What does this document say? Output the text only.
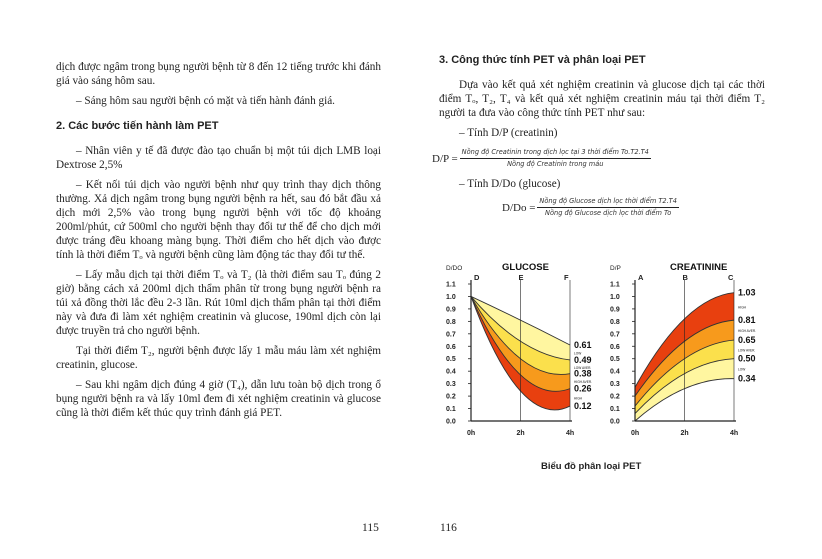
dịch được ngâm trong bụng người bệnh từ 8 đến 12 tiếng trước khi đánh giá vào sáng hôm sau.

– Sáng hôm sau người bệnh có mặt và tiến hành đánh giá.

2. Các bước tiến hành làm PET

– Nhân viên y tế đã được đào tạo chuẩn bị một túi dịch LMB loại Dextrose 2,5%

– Kết nối túi dịch vào người bệnh như quy trình thay dịch thông thường. Xả dịch ngâm trong bụng người bệnh ra hết, sau đó bắt đầu xả dịch mới 2,5% vào trong bụng người bệnh với tốc độ khoảng 200ml/phút, cứ 500ml cho người bệnh thay đổi tư thế để cho dịch mới được tráng đều khoang màng bụng. Thời điểm cho hết dịch vào được tính là thời điểm Tₒ và người bệnh cũng làm động tác thay đổi tư thế.

– Lấy mẫu dịch tại thời điểm Tₒ và T₂ (là thời điểm sau Tₒ đúng 2 giờ) bằng cách xả 200ml dịch thẩm phân từ trong bụng người bệnh ra túi xả đồng thời lắc đều 2-3 lần. Rút 10ml dịch thẩm phân tại thời điểm này và đưa đi làm xét nghiệm creatinin và glucose, 190ml dịch còn lại được truyền trả cho người bệnh.

Tại thời điểm T₂, người bệnh được lấy 1 mẫu máu làm xét nghiệm creatinin, glucose.

– Sau khi ngâm dịch đúng 4 giờ (T₄), dẫn lưu toàn bộ dịch trong ổ bụng người bệnh ra và lấy 10ml đem đi xét nghiệm creatinin và glucose cũng là thời điểm kết thúc quy trình đánh giá PET.

115

3. Công thức tính PET và phân loại PET

Dựa vào kết quả xét nghiệm creatinin và glucose dịch tại các thời điểm Tₒ, T₂, T₄ và kết quả xét nghiệm creatinin máu tại thời điểm T₂ người ta đưa vào công thức tính PET như sau:

– Tính D/P (creatinin)

$D/P = \frac{\text{Nồng độ Creatinin trong dịch lọc tại 3 thời điểm To.T2.T4}}{\text{Nồng độ Creatinin trong máu}}$

– Tính D/Do (glucose)

$D/Do = \frac{\text{Nồng độ Glucose dịch lọc thời điểm T2.T4}}{\text{Nồng độ Glucose dịch lọc thời điểm To}}$
D/DO	GLUCOSE
0.0
0.1
0.2
0.3
0.4
0.5
0.6
0.7
0.8
0.9
1.0
1.1
0h	2h	4h
D	E	F
0.61
0.49
0.38
0.26
0.12
LOW
LOW AVER.
HIGH AVER.
HIGH
D/P	CREATININE
0.0
0.1
0.2
0.3
0.4
0.5
0.6
0.7
0.8
0.9
1.0
1.1
0h	2h	4h
A	B	C
1.03
0.81
0.65
0.50
0.34
HIGH
HIGH AVER.
LOW AVER.
LOW
Biểu đồ phân loại PET
116
